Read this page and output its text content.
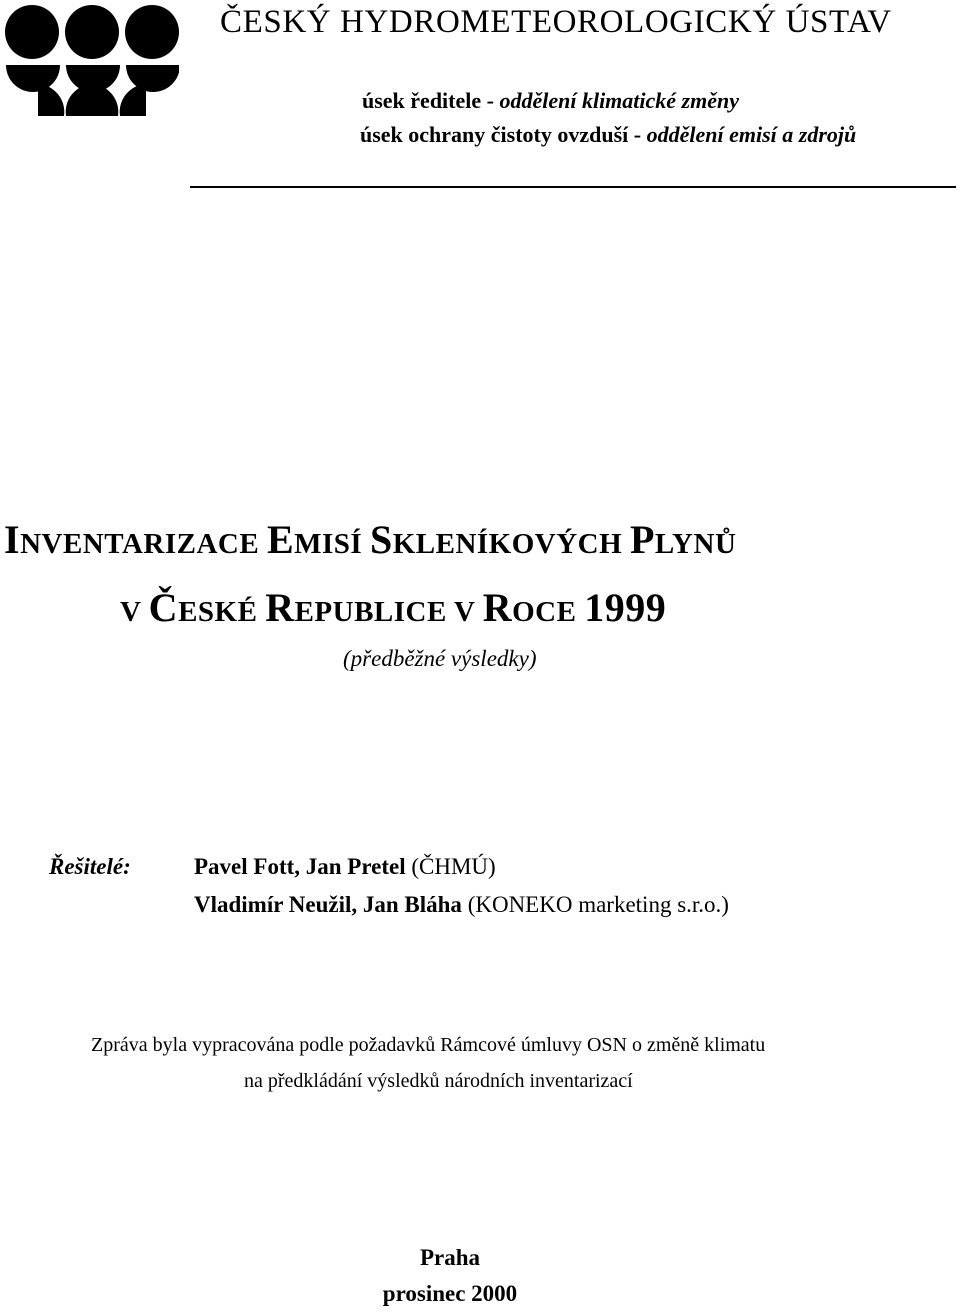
ČESKÝ HYDROMETEOROLOGICKÝ ÚSTAV
úsek ředitele - oddělení klimatické změny
úsek ochrany čistoty ovzduší - oddělení emisí a zdrojů
INVENTARIZACE EMISÍ SKLENÍKOVÝCH PLYNŮ
V ČESKÉ REPUBLICE V ROCE 1999
(předběžné výsledky)
Řešitelé:	Pavel Fott, Jan Pretel (ČHMÚ)
Vladimír Neužil, Jan Bláha (KONEKO marketing s.r.o.)
Zpráva byla vypracována podle požadavků Rámcové úmluvy OSN o změně klimatu
na předkládání výsledků národních inventarizací
Praha
prosinec 2000
